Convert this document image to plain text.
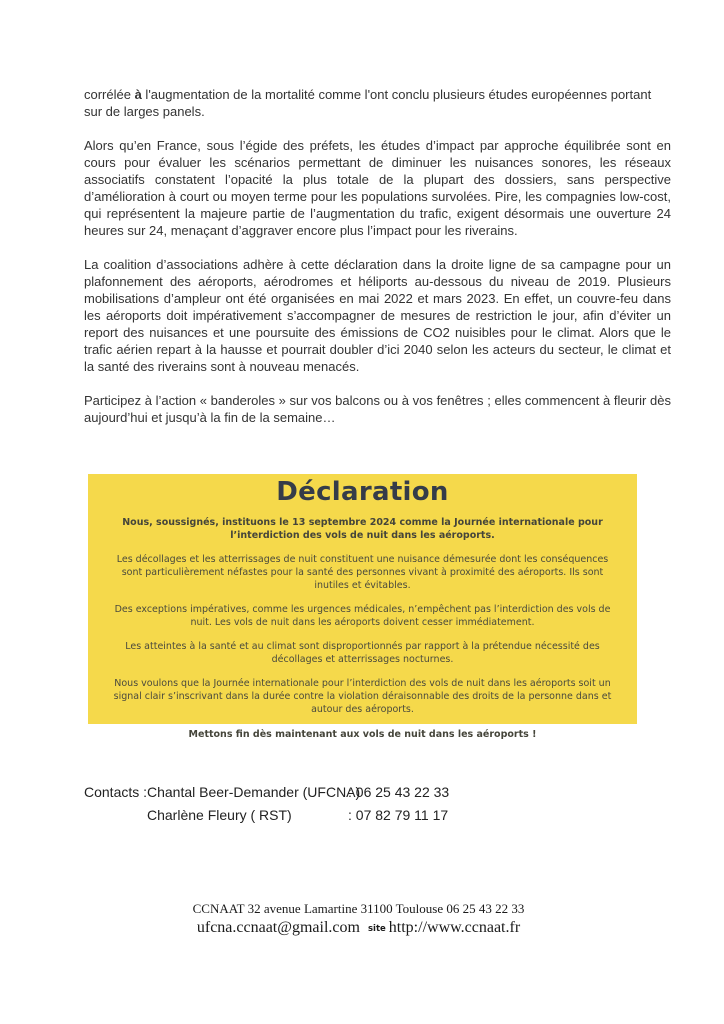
corrélée à l'augmentation de la mortalité comme l'ont conclu plusieurs études européennes portant sur de larges panels.

Alors qu’en France, sous l’égide des préfets, les études d’impact par approche équilibrée sont en cours pour évaluer les scénarios permettant de diminuer les nuisances sonores, les réseaux associatifs constatent l’opacité la plus totale de la plupart des dossiers, sans perspective d’amélioration à court ou moyen terme pour les populations survolées. Pire, les compagnies low-cost, qui représentent la majeure partie de l’augmentation du trafic, exigent désormais une ouverture 24 heures sur 24, menaçant d’aggraver encore plus l’impact pour les riverains.

La coalition d’associations adhère à cette déclaration dans la droite ligne de sa campagne pour un plafonnement des aéroports, aérodromes et héliports au-dessous du niveau de 2019. Plusieurs mobilisations d’ampleur ont été organisées en mai 2022 et mars 2023. En effet, un couvre-feu dans les aéroports doit impérativement s’accompagner de mesures de restriction le jour, afin d’éviter un report des nuisances et une poursuite des émissions de CO2 nuisibles pour le climat. Alors que le trafic aérien repart à la hausse et pourrait doubler d’ici 2040 selon les acteurs du secteur, le climat et la santé des riverains sont à nouveau menacés.

Participez à l’action « banderoles » sur vos balcons ou à vos fenêtres ; elles commencent à fleurir dès aujourd’hui et jusqu’à la fin de la semaine…

Déclaration

Nous, soussignés, instituons le 13 septembre 2024 comme la Journée internationale pour l’interdiction des vols de nuit dans les aéroports.

Les décollages et les atterrissages de nuit constituent une nuisance démesurée dont les conséquences sont particulièrement néfastes pour la santé des personnes vivant à proximité des aéroports. Ils sont inutiles et évitables.

Des exceptions impératives, comme les urgences médicales, n’empêchent pas l’interdiction des vols de nuit. Les vols de nuit dans les aéroports doivent cesser immédiatement.

Les atteintes à la santé et au climat sont disproportionnés par rapport à la prétendue nécessité des décollages et atterrissages nocturnes.

Nous voulons que la Journée internationale pour l’interdiction des vols de nuit dans les aéroports soit un signal clair s’inscrivant dans la durée contre la violation déraisonnable des droits de la personne dans et autour des aéroports.

Mettons fin dès maintenant aux vols de nuit dans les aéroports !

Contacts :Chantal Beer-Demander (UFCNA): 06 25 43 22 33
Charlène Fleury ( RST)	: 07 82 79 11 17
CCNAAT 32 avenue Lamartine 31100 Toulouse 06 25 43 22 33
ufcna.ccnaat@gmail.com site http://www.ccnaat.fr
